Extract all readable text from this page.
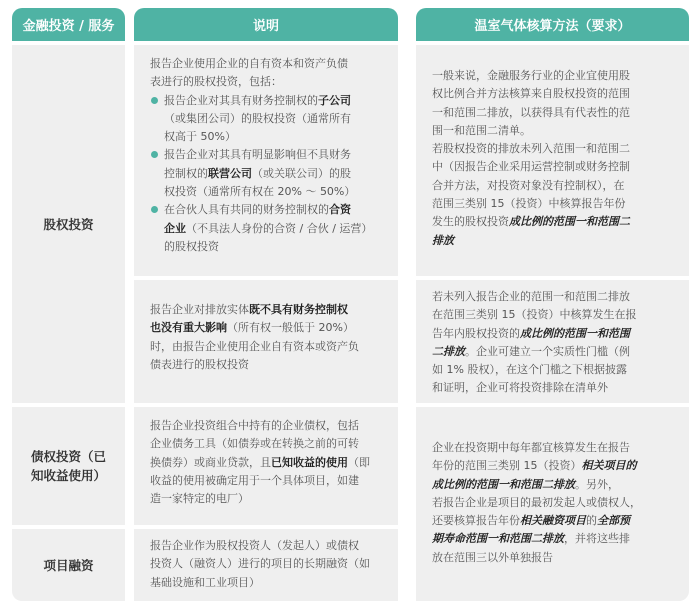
金融投资 / 服务	说明	温室气体核算方法（要求）
股权投资
债权投资（已
知收益使用）
项目融资
报告企业使用企业的自有资本和资产负债
表进行的股权投资，包括：
报告企业对其具有财务控制权的子公司
（或集团公司）的股权投资（通常所有
权高于 50%）
报告企业对其具有明显影响但不具财务
控制权的联营公司（或关联公司）的股
权投资（通常所有权在 20% ～ 50%）
在合伙人具有共同的财务控制权的合资
企业（不具法人身份的合资 / 合伙 / 运营）
的股权投资
报告企业对排放实体既不具有财务控制权
也没有重大影响（所有权一般低于 20%）
时，由报告企业使用企业自有资本或资产负
债表进行的股权投资
报告企业投资组合中持有的企业债权，包括
企业债务工具（如债券或在转换之前的可转
换债券）或商业贷款，且已知收益的使用（即
收益的使用被确定用于一个具体项目，如建
造一家特定的电厂）
报告企业作为股权投资人（发起人）或债权
投资人（融资人）进行的项目的长期融资（如
基础设施和工业项目）
一般来说，金融服务行业的企业宜使用股
权比例合并方法核算来自股权投资的范围
一和范围二排放，以获得具有代表性的范
围一和范围二清单。
若股权投资的排放未列入范围一和范围二
中（因报告企业采用运营控制或财务控制
合并方法，对投资对象没有控制权），在
范围三类别 15（投资）中核算报告年份
发生的股权投资成比例的范围一和范围二
排放
若未列入报告企业的范围一和范围二排放
在范围三类别 15（投资）中核算发生在报
告年内股权投资的成比例的范围一和范围
二排放。企业可建立一个实质性门槛（例
如 1% 股权），在这个门槛之下根据披露
和证明，企业可将投资排除在清单外
企业在投资期中每年都宜核算发生在报告
年份的范围三类别 15（投资）相关项目的
成比例的范围一和范围二排放。另外，
若报告企业是项目的最初发起人或债权人，
还要核算报告年份相关融资项目的全部预
期寿命范围一和范围二排放，并将这些排
放在范围三以外单独报告
